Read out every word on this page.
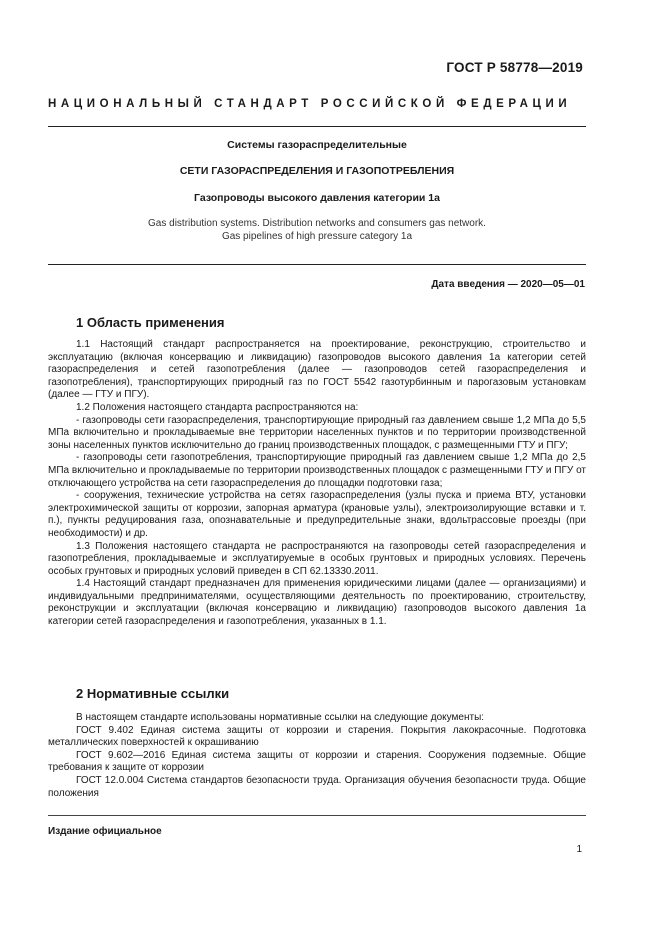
ГОСТ Р 58778—2019
НАЦИОНАЛЬНЫЙ СТАНДАРТ РОССИЙСКОЙ ФЕДЕРАЦИИ
Системы газораспределительные
СЕТИ ГАЗОРАСПРЕДЕЛЕНИЯ И ГАЗОПОТРЕБЛЕНИЯ
Газопроводы высокого давления категории 1а
Gas distribution systems. Distribution networks and consumers gas network.
Gas pipelines of high pressure category 1a
Дата введения — 2020—05—01
1 Область применения

1.1 Настоящий стандарт распространяется на проектирование, реконструкцию, строительство и эксплуатацию (включая консервацию и ликвидацию) газопроводов высокого давления 1а категории сетей газораспределения и сетей газопотребления (далее — газопроводов сетей газораспределения и газопотребления), транспортирующих природный газ по ГОСТ 5542 газотурбинным и парогазовым установкам (далее — ГТУ и ПГУ).

1.2 Положения настоящего стандарта распространяются на:

- газопроводы сети газораспределения, транспортирующие природный газ давлением свыше 1,2 МПа до 5,5 МПа включительно и прокладываемые вне территории населенных пунктов и по территории производственной зоны населенных пунктов исключительно до границ производственных площадок, с размещенными ГТУ и ПГУ;

- газопроводы сети газопотребления, транспортирующие природный газ давлением свыше 1,2 МПа до 2,5 МПа включительно и прокладываемые по территории производственных площадок с размещенными ГТУ и ПГУ от отключающего устройства на сети газораспределения до площадки подготовки газа;

- сооружения, технические устройства на сетях газораспределения (узлы пуска и приема ВТУ, установки электрохимической защиты от коррозии, запорная арматура (крановые узлы), электроизолирующие вставки и т. п.), пункты редуцирования газа, опознавательные и предупредительные знаки, вдольтрассовые проезды (при необходимости) и др.

1.3 Положения настоящего стандарта не распространяются на газопроводы сетей газораспределения и газопотребления, прокладываемые и эксплуатируемые в особых грунтовых и природных условиях. Перечень особых грунтовых и природных условий приведен в СП 62.13330.2011.

1.4 Настоящий стандарт предназначен для применения юридическими лицами (далее — организациями) и индивидуальными предпринимателями, осуществляющими деятельность по проектированию, строительству, реконструкции и эксплуатации (включая консервацию и ликвидацию) газопроводов высокого давления 1а категории сетей газораспределения и газопотребления, указанных в 1.1.

2 Нормативные ссылки

В настоящем стандарте использованы нормативные ссылки на следующие документы:

ГОСТ 9.402 Единая система защиты от коррозии и старения. Покрытия лакокрасочные. Подготовка металлических поверхностей к окрашиванию

ГОСТ 9.602—2016 Единая система защиты от коррозии и старения. Сооружения подземные. Общие требования к защите от коррозии

ГОСТ 12.0.004 Система стандартов безопасности труда. Организация обучения безопасности труда. Общие положения

Издание официальное
1
